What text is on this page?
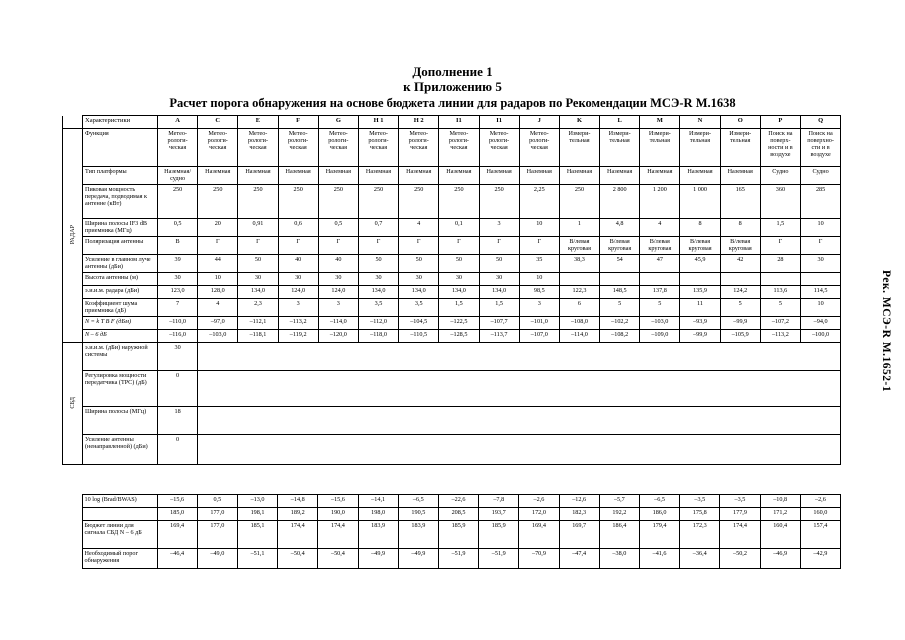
Дополнение 1
к Приложению 5
Расчет порога обнаружения на основе бюджета линии для радаров по Рекомендации МСЭ-R M.1638
Рек. МСЭ-R M.1652-1
	Характеристики	A	C	E	F	G	H 1	H 2	I1	I1	J	K	L	M	N	O	P	Q
РАДАР	Функция	Метео-рологи-ческая	Метео-рологи-ческая	Метео-рологи-ческая	Метео-рологи-ческая	Метео-рологи-ческая	Метео-рологи-ческая	Метео-рологи-ческая	Метео-рологи-ческая	Метео-рологи-ческая	Метео-рологи-ческая	Измери-тельная	Измери-тельная	Измери-тельная	Измери-тельная	Измери-тельная	Поиск на поверх-ности и в воздухе	Поиск на поверхно-сти и в воздухе
	Тип платформы	Наземная/ судно	Наземная	Наземная	Наземная	Наземная	Наземная	Наземная	Наземная	Наземная	Наземная	Наземная	Наземная	Наземная	Наземная	Наземная	Судно	Судно
	Пиковая мощность передача, подводимая к антенне (кВт)	250	250	250	250	250	250	250	250	250	2,25	250	2 800	1 200	1 000	165	360	285
	Ширина полосы IF3 dB приемника (МГц)	0,5	20	0,91	0,6	0,5	0,7	4	0,1	3	10	1	4,8	4	8	8	1,5	10
	Поляризация антенны	В	Г	Г	Г	Г	Г	Г	Г	Г	Г	В/левая круговая	В/левая круговая	В/левая круговая	В/левая круговая	В/левая круговая	Г	Г
	Усиление в главном луче антенны (дБи)	39	44	50	40	40	50	50	50	50	35	38,3	54	47	45,9	42	28	30
	Высота антенны (м)	30	10	30	30	30	30	30	30	30	10							
	э.и.и.м. радара (дБи)	123,0	128,0	134,0	124,0	124,0	134,0	134,0	134,0	134,0	98,5	122,3	148,5	137,8	135,9	124,2	113,6	114,5
	Коэффициент шума приемника (дБ)	7	4	2,3	3	3	3,5	3,5	1,5	1,5	3	6	5	5	11	5	5	10
	N = k T B F (дБм)	–110,0	–97,0	–112,1	–113,2	–114,0	–112,0	–104,5	–122,5	–107,7	–101,0	–108,0	–102,2	–103,0	–93,9	–99,9	–107,2	–94,0
	N – 6 дБ	–116,0	–103,0	–118,1	–119,2	–120,0	–118,0	–110,5	–128,5	–113,7	–107,0	–114,0	–108,2	–109,0	–99,9	–105,9	–113,2	–100,0
СБД	э.и.и.м. (дБи) наружной системы	30																
	Регулировка мощности передатчика (TPC) (дБ)	0																
	Ширина полосы (МГц)	18																
	Усиление антенны (ненаправленной) (дБи)	0																
	10 log (Brad/BWAS)	–15,6	0,5	–13,0	–14,8	–15,6	–14,1	–6,5	–22,6	–7,8	–2,6	–12,6	–5,7	–6,5	–3,5	–3,5	–10,8	–2,6
		185,0	177,0	198,1	189,2	190,0	198,0	190,5	208,5	193,7	172,0	182,3	192,2	186,0	175,8	177,9	171,2	160,0
	Бюджет линии для сигнала СБД N – 6 дБ	169,4	177,0	185,1	174,4	174,4	183,9	183,9	185,9	185,9	169,4	169,7	186,4	179,4	172,3	174,4	160,4	157,4
	Необходимый порог обнаружения	–46,4	–49,0	–51,1	–50,4	–50,4	–49,9	–49,9	–51,9	–51,9	–70,9	–47,4	–38,0	–41,6	–36,4	–50,2	–46,9	–42,9
